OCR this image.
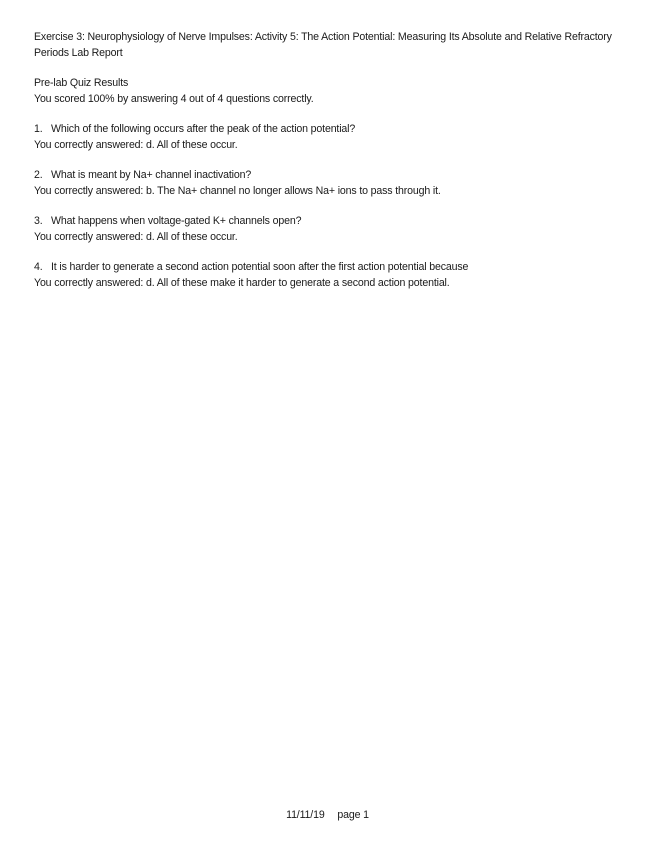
Exercise 3: Neurophysiology of Nerve Impulses: Activity 5: The Action Potential: Measuring Its Absolute and Relative Refractory Periods Lab Report
Pre-lab Quiz Results
You scored 100% by answering 4 out of 4 questions correctly.
1. Which of the following occurs after the peak of the action potential?
You correctly answered: d. All of these occur.
2. What is meant by Na+ channel inactivation?
You correctly answered: b. The Na+ channel no longer allows Na+ ions to pass through it.
3. What happens when voltage-gated K+ channels open?
You correctly answered: d. All of these occur.
4. It is harder to generate a second action potential soon after the first action potential because
You correctly answered: d. All of these make it harder to generate a second action potential.
11/11/19 page 1
